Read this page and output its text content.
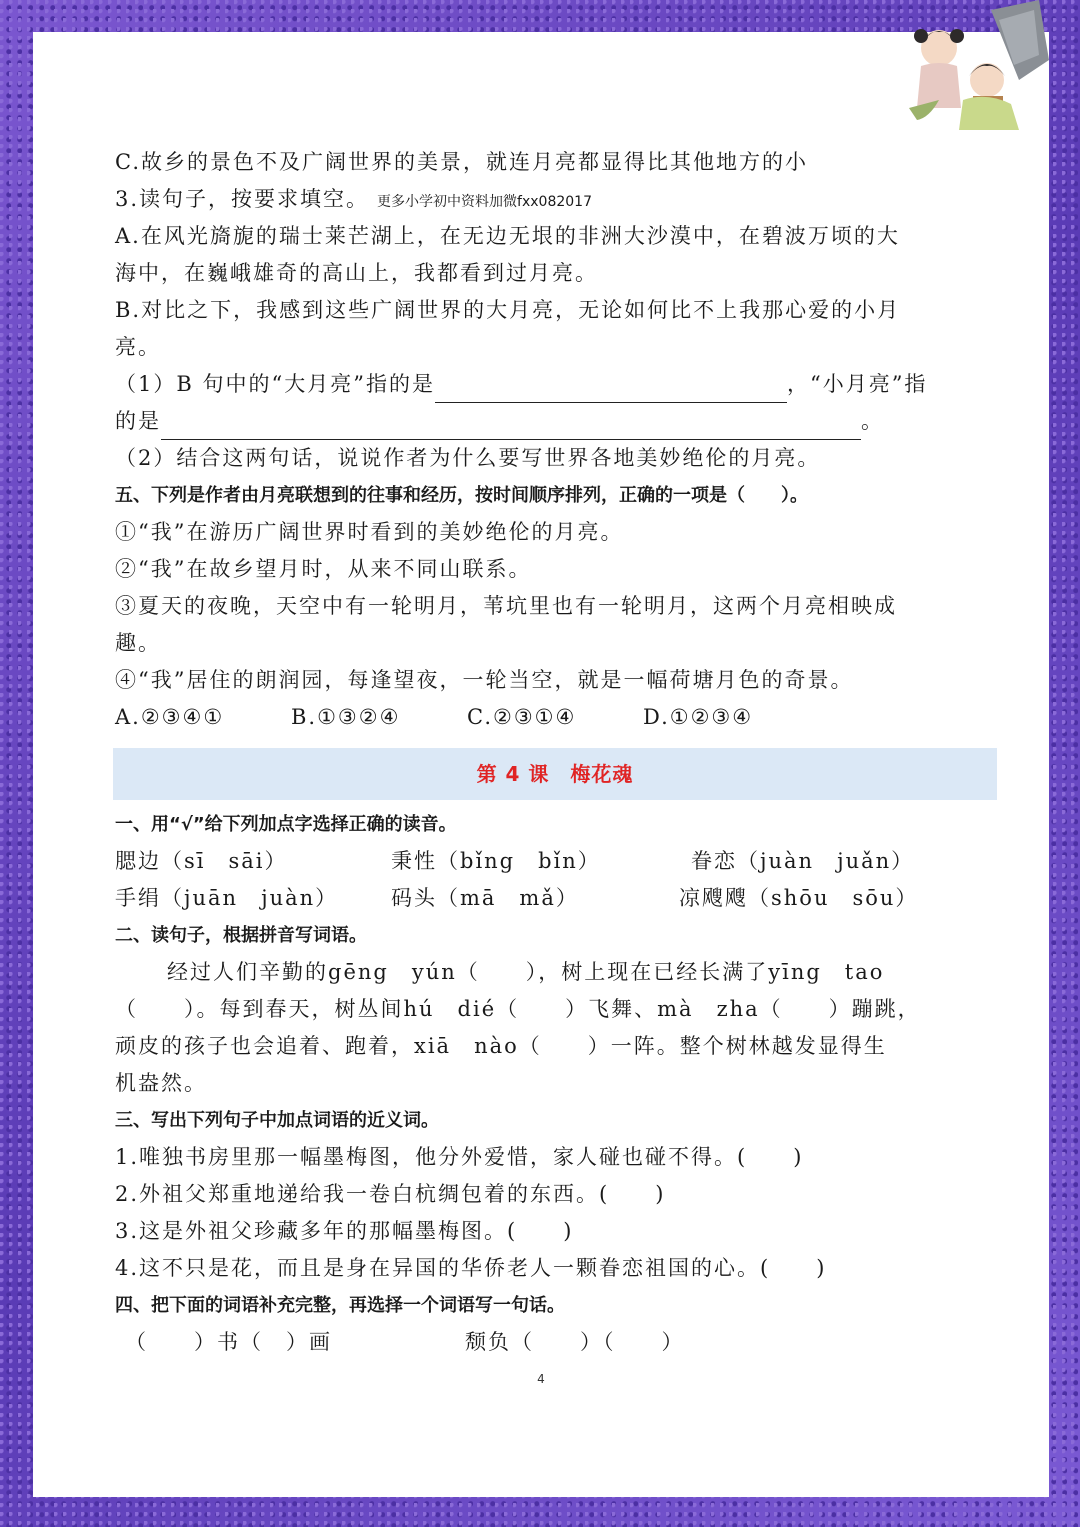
C.故乡的景色不及广阔世界的美景，就连月亮都显得比其他地方的小
3.读句子，按要求填空。 更多小学初中资料加微fxx082017
A.在风光旖旎的瑞士莱芒湖上，在无边无垠的非洲大沙漠中，在碧波万顷的大
海中，在巍峨雄奇的高山上，我都看到过月亮。
B.对比之下，我感到这些广阔世界的大月亮，无论如何比不上我那心爱的小月
亮。
（1）B 句中的“大月亮”指的是	，“小月亮”指
的是	。
（2）结合这两句话，说说作者为什么要写世界各地美妙绝伦的月亮。
五、下列是作者由月亮联想到的往事和经历，按时间顺序排列，正确的一项是（　　）。
①“我”在游历广阔世界时看到的美妙绝伦的月亮。
②“我”在故乡望月时，从来不同山联系。
③夏天的夜晚，天空中有一轮明月，苇坑里也有一轮明月，这两个月亮相映成
趣。
④“我”居住的朗润园，每逢望夜，一轮当空，就是一幅荷塘月色的奇景。
A.②③④①	B.①③②④	C.②③①④	D.①②③④
第 4 课　梅花魂
一、用“√”给下列加点字选择正确的读音。
腮边（sī　sāi）	秉性（bǐng　bǐn）	眷恋（juàn　juǎn）
手绢（juān　juàn）	码头（mā　mǎ）	凉飕飕（shōu　sōu）
二、读句子，根据拼音写词语。
经过人们辛勤的gēng　yún（　　），树上现在已经长满了yīng　tao
（　　）。每到春天，树丛间hú　dié（　　）飞舞、mà　zha（　　）蹦跳，
顽皮的孩子也会追着、跑着，xiā　nào（　　）一阵。整个树林越发显得生
机盎然。
三、写出下列句子中加点词语的近义词。
1.唯独书房里那一幅墨梅图，他分外爱惜，家人碰也碰不得。(　　)
2.外祖父郑重地递给我一卷白杭绸包着的东西。(　　)
3.这是外祖父珍藏多年的那幅墨梅图。(　　)
4.这不只是花，而且是身在异国的华侨老人一颗眷恋祖国的心。(　　)
四、把下面的词语补充完整，再选择一个词语写一句话。
（　　）书（　）画	颓负（　　）（　　）
4
